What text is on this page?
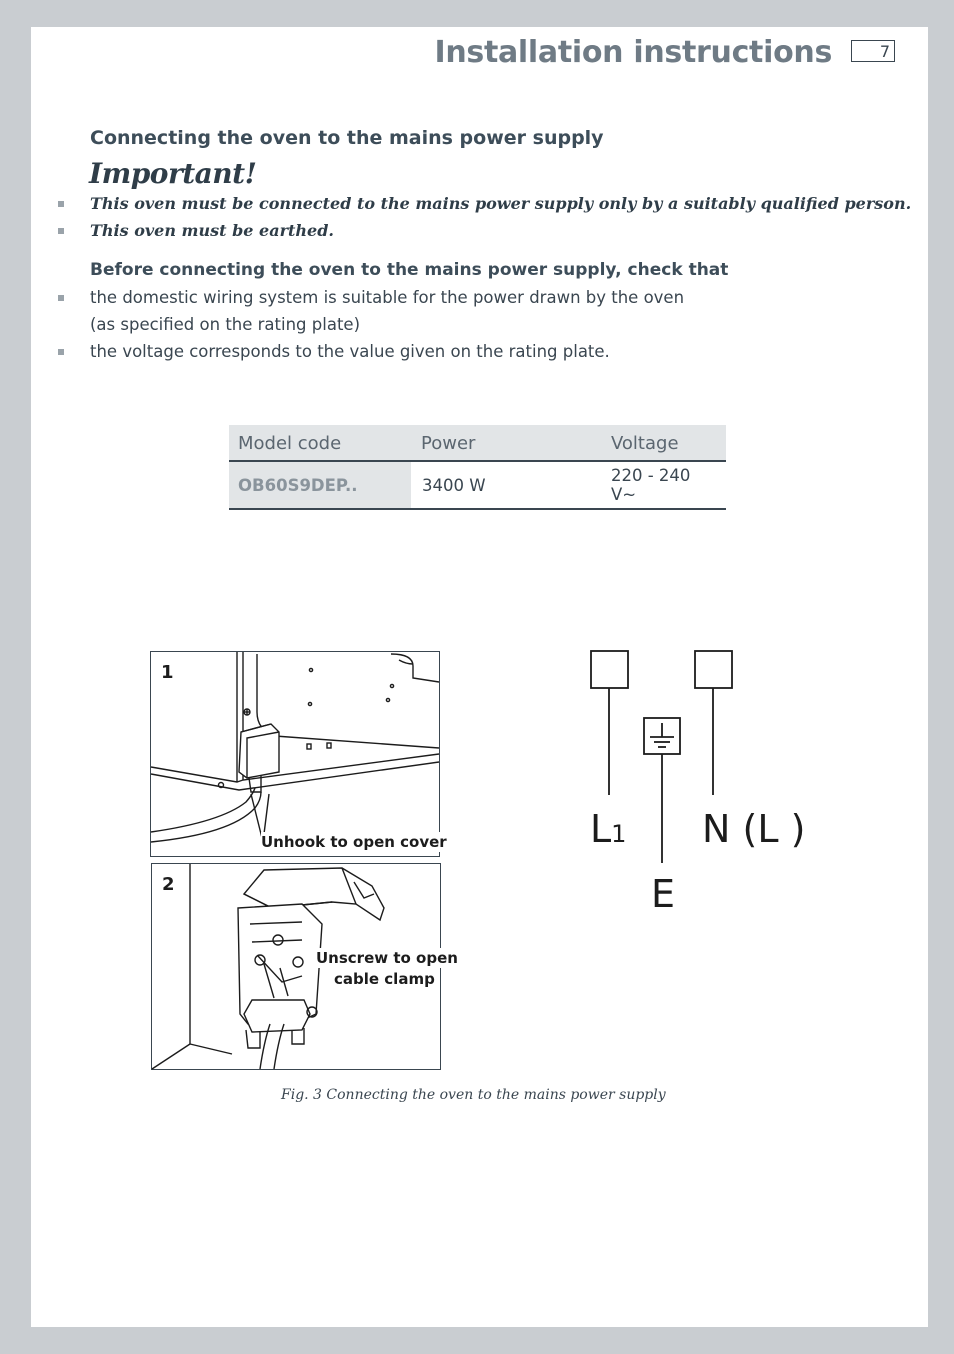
Installation instructions	7
Connecting the oven to the mains power supply
Important!
This oven must be connected to the mains power supply only by a suitably qualified person.
This oven must be earthed.
Before connecting the oven to the mains power supply, check that
the domestic wiring system is suitable for the power drawn by the oven
(as specified on the rating plate)
the voltage corresponds to the value given on the rating plate.
Model code	Power	Voltage
OB60S9DEP..	3400 W	220 - 240 V~
1
Unhook to open cover
2
Unscrew to open
cable clamp
L1 N (L )
E
Fig. 3 Connecting the oven to the mains power supply
